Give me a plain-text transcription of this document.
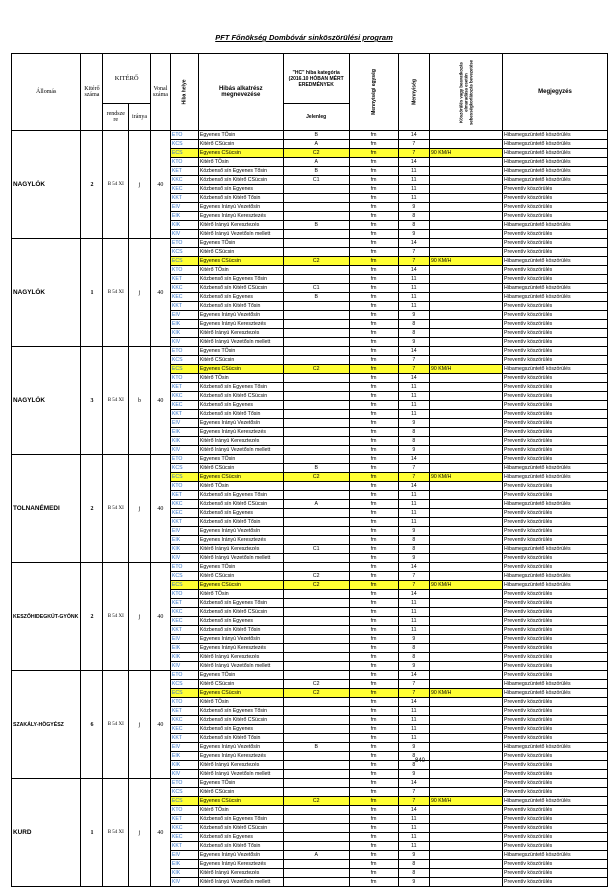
PFT Főnökség Dombóvár sinköszörülési program
Állomás	Kitérő száma	KITÉRŐ		Vonal száma	Hiba helye	Hibás alkatrész megnevezése	"HC" hiba kategória (2016.10 HÓBAN MÉRT EREDMÉNYEK	Mennyiségi egység	Mennyiség	Köszörülés vagy beavatkozás elmaradása esetén sebességkorlátozás bevezetése	Megjegyzés

		rendsze re	iránya				Jelenleg				
NAGYLÓK	2	B 54 XI	j	40	ETO	Egyenes TÖsin	B	fm	14		Hibamegszüntető köszörülés
					KCS	Kitérő CSücsin	A	fm	7		Hibamegszüntető köszörülés
					ECS	Egyenes CSücsin	C2	fm	7	90 KM/H	Hibamegszüntető köszörülés
					KTO	Kitérő TÖsin	A	fm	14		Hibamegszüntető köszörülés
					KET	Közbenső sín Egyenes Tősin	B	fm	11		Hibamegszüntető köszörülés
					KKC	Közbenső sín Kitérő CSücsin	C1	fm	11		Hibamegszüntető köszörülés
					KEC	Közbenső sín Egyenes		fm	11		Preventív köszörülés
					KKT	Közbenső sín Kitérő Tősin		fm	11		Preventív köszörülés
					EIV	Egyenes Irányú Vezetősín		fm	9		Preventív köszörülés
					EIK	Egyenes Irányú Keresztezés		fm	8		Preventív köszörülés
					KIK	Kitérő Irányú Keresztezés	B	fm	8		Hibamegszüntető köszörülés
					KIV	Kitérő Irányú Vezetősín mellett		fm	9		Preventív köszörülés
NAGYLÓK	1	B 54 XI	j	40	ETO	Egyenes TÖsin		fm	14		Preventív köszörülés
					KCS	Kitérő CSücsin		fm	7		Preventív köszörülés
					ECS	Egyenes CSücsin	C2	fm	7	90 KM/H	Hibamegszüntető köszörülés
					KTO	Kitérő TÖsin		fm	14		Preventív köszörülés
					KET	Közbenső sín Egyenes Tősin		fm	11		Preventív köszörülés
					KKC	Közbenső sín Kitérő CSücsin	C1	fm	11		Hibamegszüntető köszörülés
					KEC	Közbenső sín Egyenes	B	fm	11		Hibamegszüntető köszörülés
					KKT	Közbenső sín Kitérő Tősin		fm	11		Preventív köszörülés
					EIV	Egyenes Irányú Vezetősín		fm	9		Preventív köszörülés
					EIK	Egyenes Irányú Keresztezés		fm	8		Preventív köszörülés
					KIK	Kitérő Irányú Keresztezés		fm	8		Preventív köszörülés
					KIV	Kitérő Irányú Vezetősín mellett		fm	9		Preventív köszörülés
NAGYLÓK	3	B 54 XI	b	40	ETO	Egyenes TÖsin		fm	14		Preventív köszörülés
					KCS	Kitérő CSücsin		fm	7		Preventív köszörülés
					ECS	Egyenes CSücsin	C2	fm	7	90 KM/H	Hibamegszüntető köszörülés
					KTO	Kitérő TÖsin		fm	14		Preventív köszörülés
					KET	Közbenső sín Egyenes Tősin		fm	11		Preventív köszörülés
					KKC	Közbenső sín Kitérő CSücsin		fm	11		Preventív köszörülés
					KEC	Közbenső sín Egyenes		fm	11		Preventív köszörülés
					KKT	Közbenső sín Kitérő Tősin		fm	11		Preventív köszörülés
					EIV	Egyenes Irányú Vezetősín		fm	9		Preventív köszörülés
					EIK	Egyenes Irányú Keresztezés		fm	8		Preventív köszörülés
					KIK	Kitérő Irányú Keresztezés		fm	8		Preventív köszörülés
					KIV	Kitérő Irányú Vezetősín mellett		fm	9		Preventív köszörülés
TOLNANÉMEDI	2	B 54 XI	j	40	ETO	Egyenes TÖsin		fm	14		Preventív köszörülés
					KCS	Kitérő CSücsin	B	fm	7		Hibamegszüntető köszörülés
					ECS	Egyenes CSücsin	C2	fm	7	90 KM/H	Hibamegszüntető köszörülés
					KTO	Kitérő TÖsin		fm	14		Preventív köszörülés
					KET	Közbenső sín Egyenes Tősin		fm	11		Preventív köszörülés
					KKC	Közbenső sín Kitérő CSücsin	A	fm	11		Hibamegszüntető köszörülés
					KEC	Közbenső sín Egyenes		fm	11		Preventív köszörülés
					KKT	Közbenső sín Kitérő Tősin		fm	11		Preventív köszörülés
					EIV	Egyenes Irányú Vezetősín		fm	9		Preventív köszörülés
					EIK	Egyenes Irányú Keresztezés		fm	8		Preventív köszörülés
					KIK	Kitérő Irányú Keresztezés	C1	fm	8		Hibamegszüntető köszörülés
					KIV	Kitérő Irányú Vezetősín mellett		fm	9		Preventív köszörülés
KESZŐHIDEGKÚT-GYÖNK	2	B 54 XI	j	40	ETO	Egyenes TÖsin		fm	14		Preventív köszörülés
					KCS	Kitérő CSücsin	C2	fm	7		Hibamegszüntető köszörülés
					ECS	Egyenes CSücsin	C2	fm	7	90 KM/H	Hibamegszüntető köszörülés
					KTO	Kitérő TÖsin		fm	14		Preventív köszörülés
					KET	Közbenső sín Egyenes Tősin		fm	11		Preventív köszörülés
					KKC	Közbenső sín Kitérő CSücsin		fm	11		Preventív köszörülés
					KEC	Közbenső sín Egyenes		fm	11		Preventív köszörülés
					KKT	Közbenső sín Kitérő Tősin		fm	11		Preventív köszörülés
					EIV	Egyenes Irányú Vezetősín		fm	9		Preventív köszörülés
					EIK	Egyenes Irányú Keresztezés		fm	8		Preventív köszörülés
					KIK	Kitérő Irányú Keresztezés		fm	8		Preventív köszörülés
					KIV	Kitérő Irányú Vezetősín mellett		fm	9		Preventív köszörülés
SZAKÁLY-HÖGYÉSZ	6	B 54 XI	j	40	ETO	Egyenes TÖsin		fm	14		Preventív köszörülés
					KCS	Kitérő CSücsin	C2	fm	7		Hibamegszüntető köszörülés
					ECS	Egyenes CSücsin	C2	fm	7	90 KM/H	Hibamegszüntető köszörülés
					KTO	Kitérő TÖsin		fm	14		Preventív köszörülés
					KET	Közbenső sín Egyenes Tősin		fm	11		Preventív köszörülés
					KKC	Közbenső sín Kitérő CSücsin		fm	11		Preventív köszörülés
					KEC	Közbenső sín Egyenes		fm	11		Preventív köszörülés
					KKT	Közbenső sín Kitérő Tősin		fm	11		Preventív köszörülés
					EIV	Egyenes Irányú Vezetősín	B	fm	9		Hibamegszüntető köszörülés
					EIK	Egyenes Irányú Keresztezés		fm	8		Preventív köszörülés
					KIK	Kitérő Irányú Keresztezés		fm	8		Preventív köszörülés
					KIV	Kitérő Irányú Vezetősín mellett		fm	9		Preventív köszörülés
KURD	1	B 54 XI	j	40	ETO	Egyenes TÖsin		fm	14		Preventív köszörülés
					KCS	Kitérő CSücsin		fm	7		Preventív köszörülés
					ECS	Egyenes CSücsin	C2	fm	7	90 KM/H	Hibamegszüntető köszörülés
					KTO	Kitérő TÖsin		fm	14		Preventív köszörülés
					KET	Közbenső sín Egyenes Tősin		fm	11		Preventív köszörülés
					KKC	Közbenső sín Kitérő CSücsin		fm	11		Preventív köszörülés
					KEC	Közbenső sín Egyenes		fm	11		Preventív köszörülés
					KKT	Közbenső sín Kitérő Tősin		fm	11		Preventív köszörülés
					EIV	Egyenes Irányú Vezetősín	A	fm	9		Hibamegszüntető köszörülés
					EIK	Egyenes Irányú Keresztezés		fm	8		Preventív köszörülés
					KIK	Kitérő Irányú Keresztezés		fm	8		Preventív köszörülés
					KIV	Kitérő Irányú Vezetősín mellett		fm	9		Preventív köszörülés
840
